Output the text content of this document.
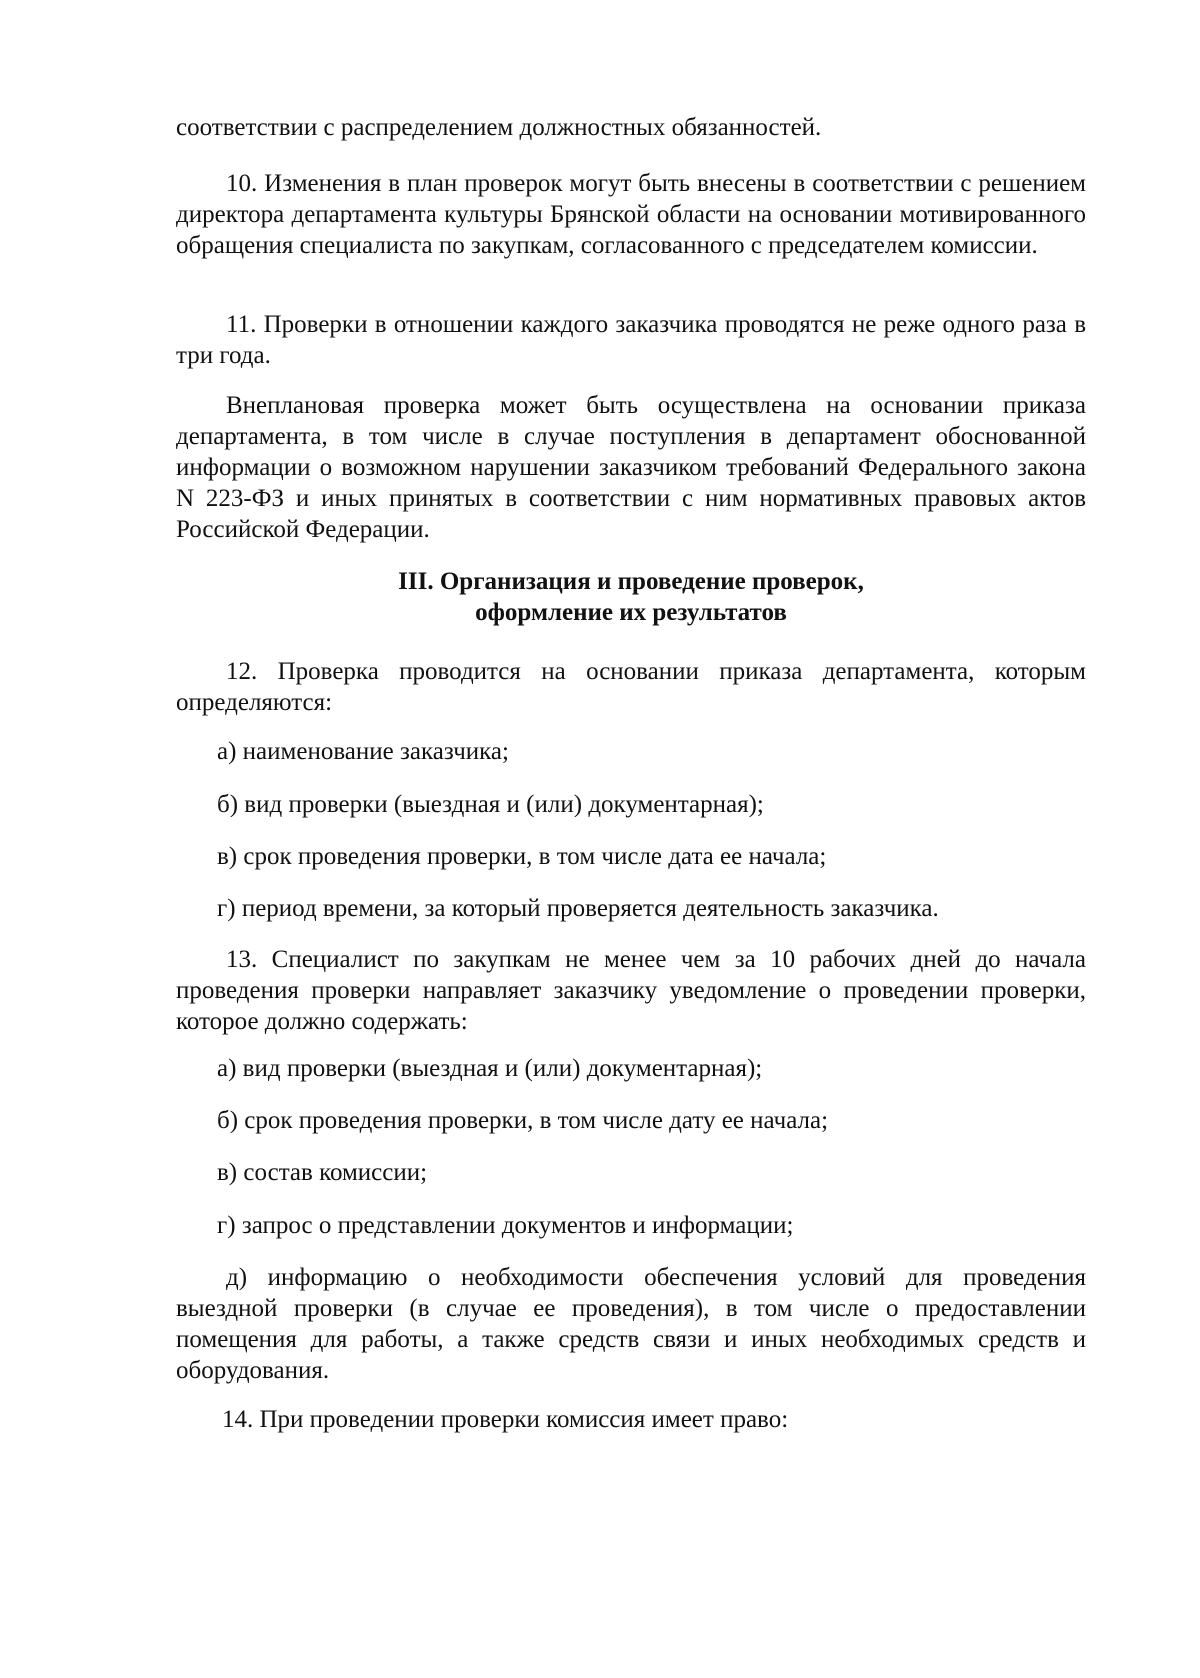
соответствии с распределением должностных обязанностей.

10. Изменения в план проверок могут быть внесены в соответствии с решением директора департамента культуры Брянской области на основании мотивированного обращения специалиста по закупкам, согласованного с председателем комиссии.

11. Проверки в отношении каждого заказчика проводятся не реже одного раза в три года.

Внеплановая проверка может быть осуществлена на основании приказа департамента, в том числе в случае поступления в департамент обоснованной информации о возможном нарушении заказчиком требований Федерального закона N 223-ФЗ и иных принятых в соответствии с ним нормативных правовых актов Российской Федерации.

III. Организация и проведение проверок,
оформление их результатов

12. Проверка проводится на основании приказа департамента, которым определяются:

а) наименование заказчика;

б) вид проверки (выездная и (или) документарная);

в) срок проведения проверки, в том числе дата ее начала;

г) период времени, за который проверяется деятельность заказчика.

13. Специалист по закупкам не менее чем за 10 рабочих дней до начала проведения проверки направляет заказчику уведомление о проведении проверки, которое должно содержать:

а) вид проверки (выездная и (или) документарная);

б) срок проведения проверки, в том числе дату ее начала;

в) состав комиссии;

г) запрос о представлении документов и информации;

д) информацию о необходимости обеспечения условий для проведения выездной проверки (в случае ее проведения), в том числе о предоставлении помещения для работы, а также средств связи и иных необходимых средств и оборудования.

14. При проведении проверки комиссия имеет право:
